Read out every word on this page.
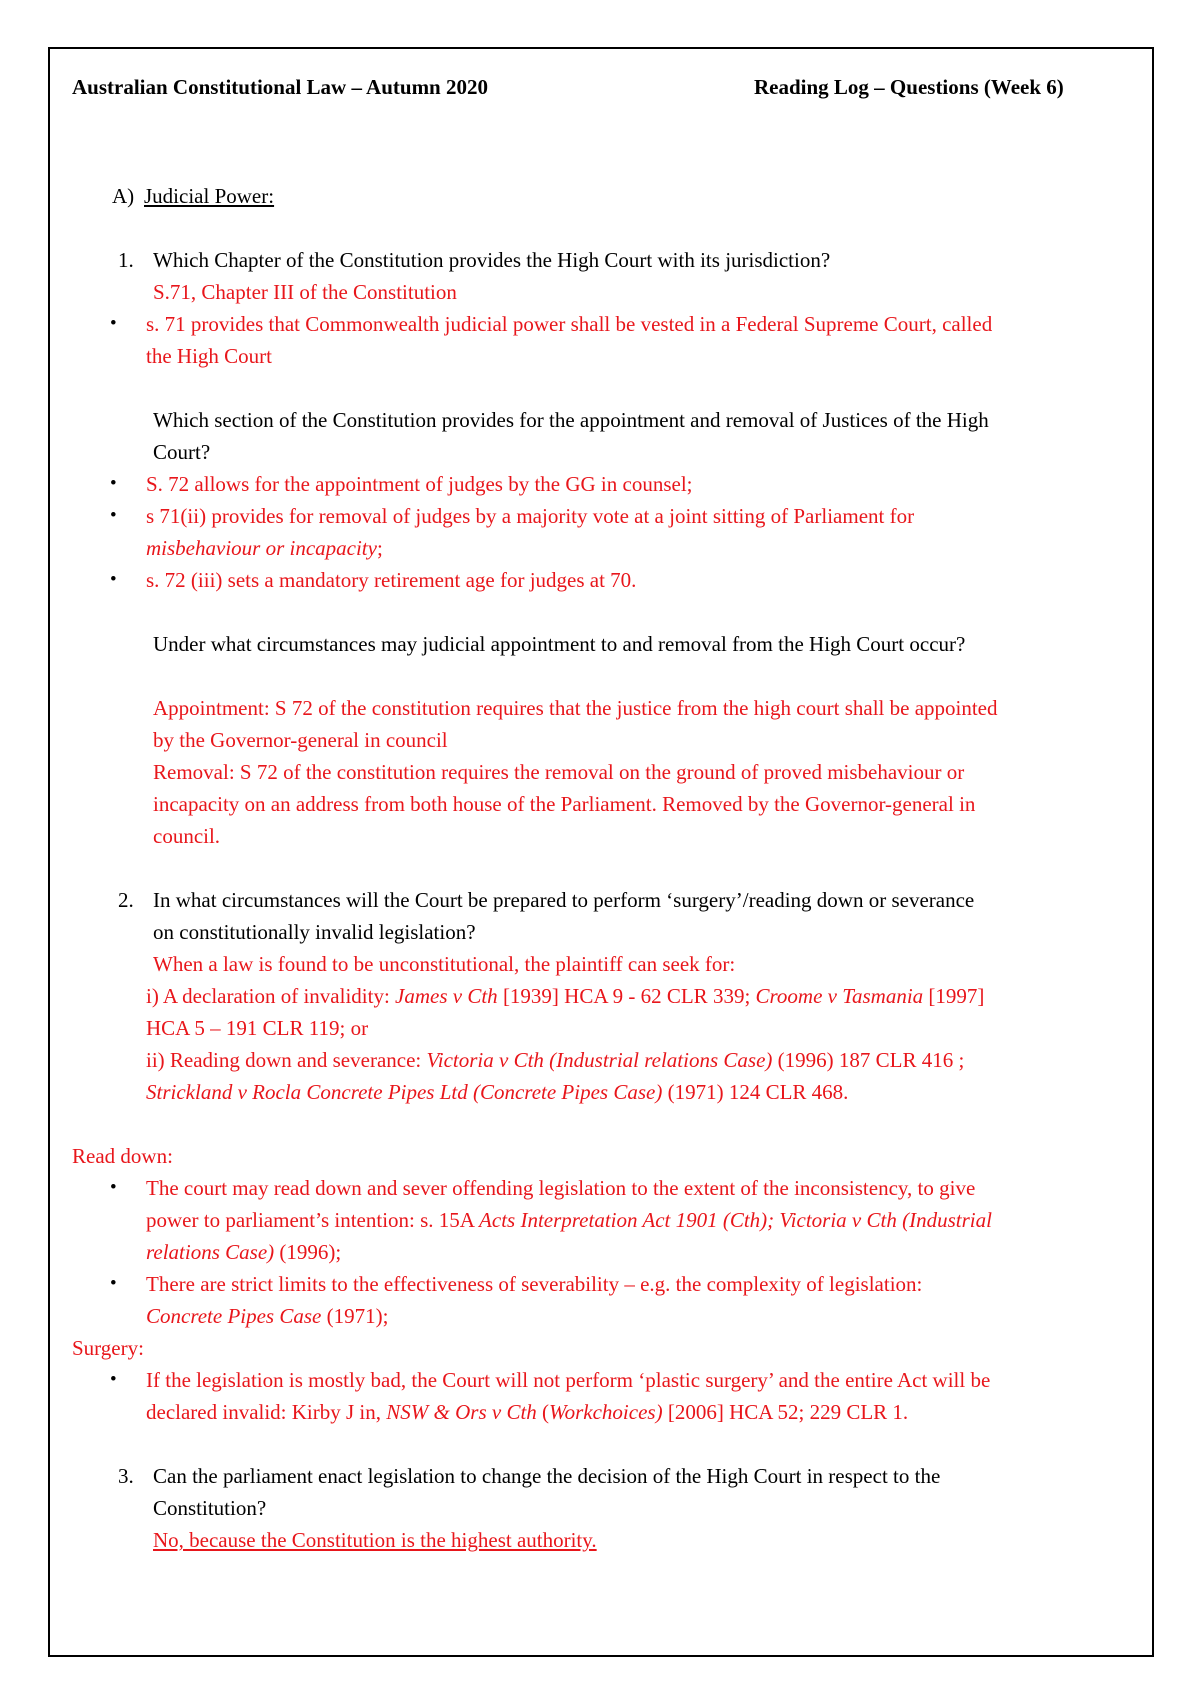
Australian Constitutional Law – Autumn 2020	Reading Log – Questions (Week 6)
A) Judicial Power:
1. Which Chapter of the Constitution provides the High Court with its jurisdiction?
S.71, Chapter III of the Constitution
• s. 71 provides that Commonwealth judicial power shall be vested in a Federal Supreme Court, called
the High Court
Which section of the Constitution provides for the appointment and removal of Justices of the High
Court?
• S. 72 allows for the appointment of judges by the GG in counsel;
• s 71(ii) provides for removal of judges by a majority vote at a joint sitting of Parliament for
misbehaviour or incapacity;
• s. 72 (iii) sets a mandatory retirement age for judges at 70.
Under what circumstances may judicial appointment to and removal from the High Court occur?
Appointment: S 72 of the constitution requires that the justice from the high court shall be appointed
by the Governor-general in council
Removal: S 72 of the constitution requires the removal on the ground of proved misbehaviour or
incapacity on an address from both house of the Parliament. Removed by the Governor-general in
council.
2. In what circumstances will the Court be prepared to perform ‘surgery’/reading down or severance
on constitutionally invalid legislation?
When a law is found to be unconstitutional, the plaintiff can seek for:
i) A declaration of invalidity: James v Cth [1939] HCA 9 - 62 CLR 339; Croome v Tasmania [1997]
HCA 5 – 191 CLR 119; or
ii) Reading down and severance: Victoria v Cth (Industrial relations Case) (1996) 187 CLR 416 ;
Strickland v Rocla Concrete Pipes Ltd (Concrete Pipes Case) (1971) 124 CLR 468.
Read down:
• The court may read down and sever offending legislation to the extent of the inconsistency, to give
power to parliament’s intention: s. 15A Acts Interpretation Act 1901 (Cth); Victoria v Cth (Industrial
relations Case) (1996);
• There are strict limits to the effectiveness of severability – e.g. the complexity of legislation:
Concrete Pipes Case (1971);
Surgery:
• If the legislation is mostly bad, the Court will not perform ‘plastic surgery’ and the entire Act will be
declared invalid: Kirby J in, NSW & Ors v Cth (Workchoices) [2006] HCA 52; 229 CLR 1.
3. Can the parliament enact legislation to change the decision of the High Court in respect to the
Constitution?
No, because the Constitution is the highest authority.
